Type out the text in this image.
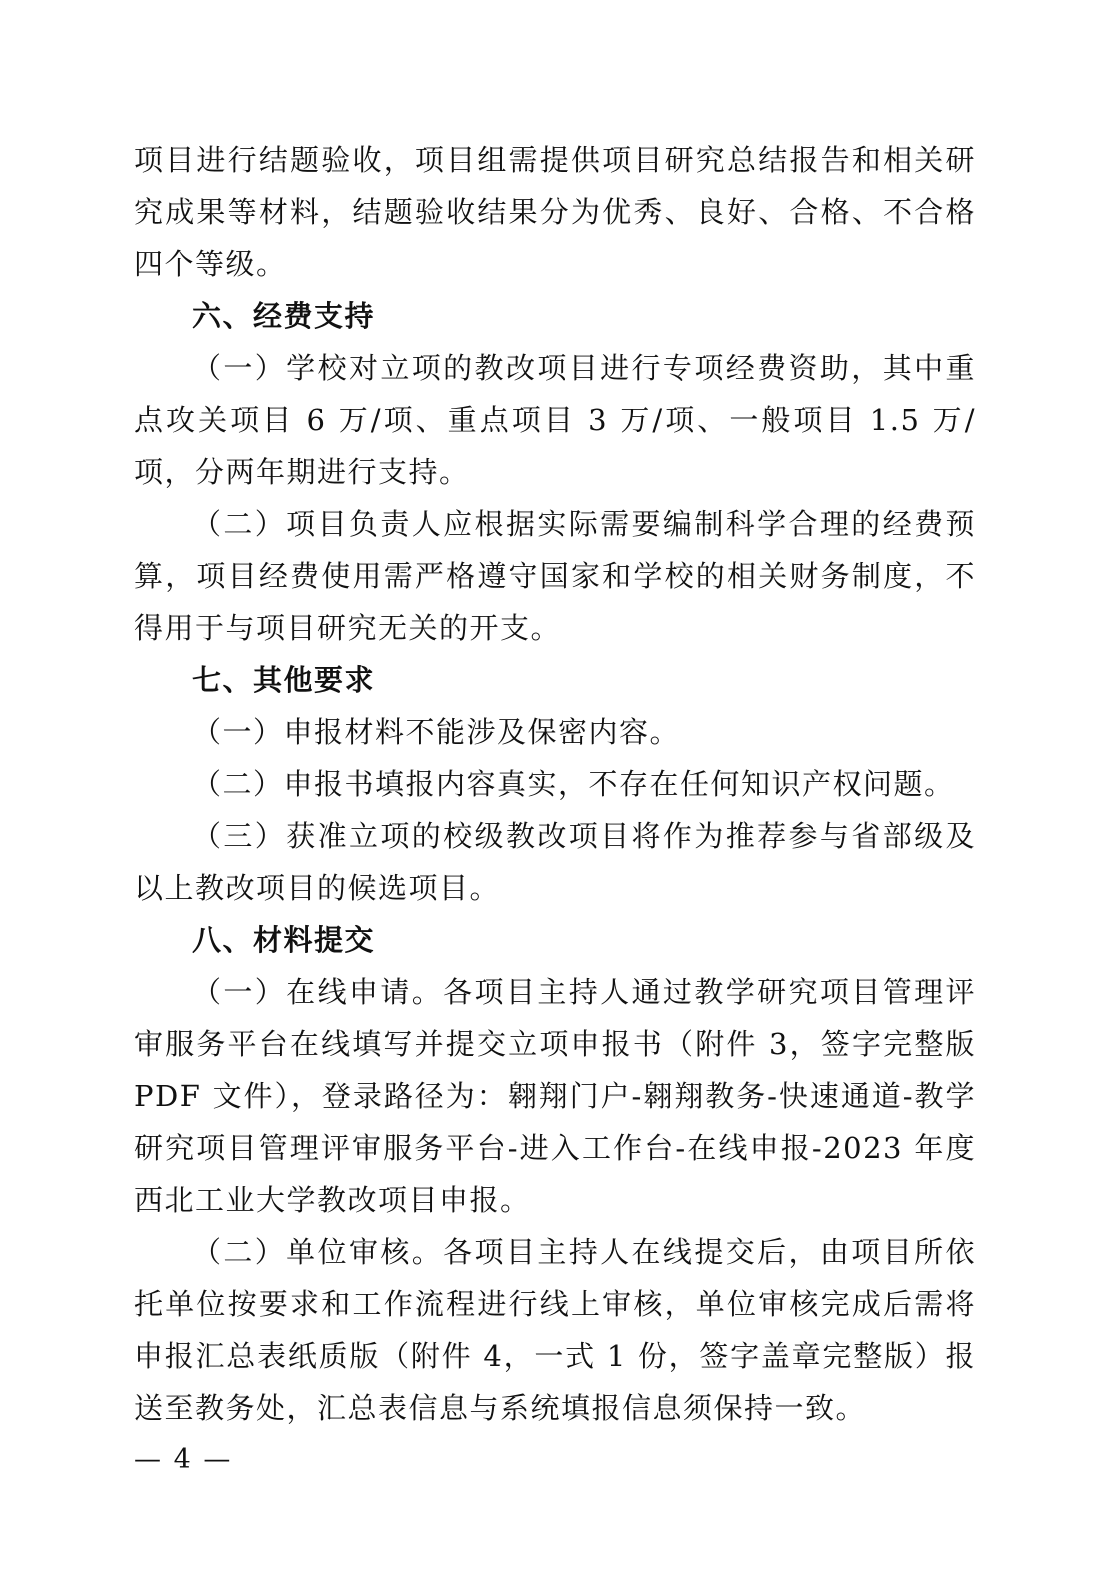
项目进行结题验收，项目组需提供项目研究总结报告和相关研究成果等材料，结题验收结果分为优秀、良好、合格、不合格四个等级。

六、经费支持

（一）学校对立项的教改项目进行专项经费资助，其中重点攻关项目 6 万/项、重点项目 3 万/项、一般项目 1.5 万/项，分两年期进行支持。

（二）项目负责人应根据实际需要编制科学合理的经费预算，项目经费使用需严格遵守国家和学校的相关财务制度，不得用于与项目研究无关的开支。

七、其他要求

（一）申报材料不能涉及保密内容。

（二）申报书填报内容真实，不存在任何知识产权问题。

（三）获准立项的校级教改项目将作为推荐参与省部级及以上教改项目的候选项目。

八、材料提交

（一）在线申请。各项目主持人通过教学研究项目管理评审服务平台在线填写并提交立项申报书（附件 3，签字完整版 PDF 文件），登录路径为：翱翔门户-翱翔教务-快速通道-教学研究项目管理评审服务平台-进入工作台-在线申报-2023 年度西北工业大学教改项目申报。

（二）单位审核。各项目主持人在线提交后，由项目所依托单位按要求和工作流程进行线上审核，单位审核完成后需将申报汇总表纸质版（附件 4，一式 1 份，签字盖章完整版）报送至教务处，汇总表信息与系统填报信息须保持一致。

— 4 —
